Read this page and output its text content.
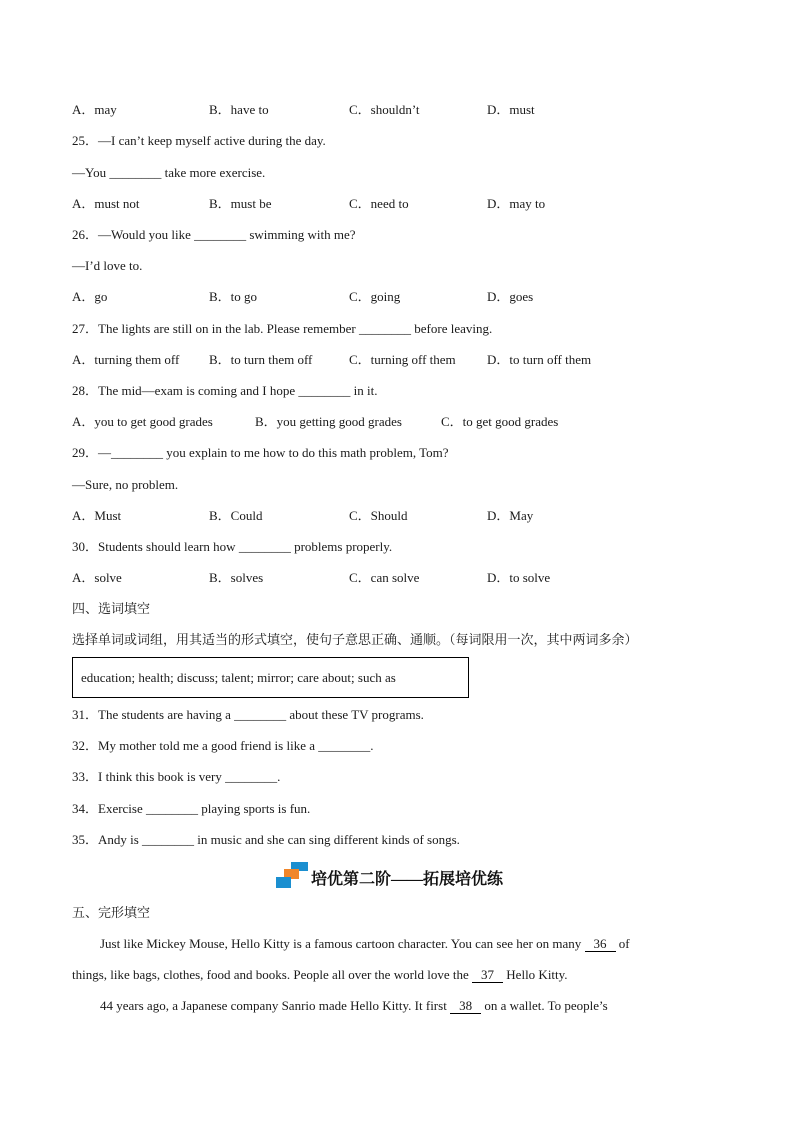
A．may	B．have to	C．shouldn’t	D．must
25．—I can’t keep myself active during the day.
—You ________ take more exercise.
A．must not	B．must be	C．need to	D．may to
26．—Would you like ________ swimming with me?
—I’d love to.
A．go	B．to go	C．going	D．goes
27．The lights are still on in the lab. Please remember ________ before leaving.
A．turning them off B．to turn them off	C．turning off them D．to turn off them
28．The mid—exam is coming and I hope ________ in it.
A．you to get good grades	B．you getting good grades	C．to get good grades
29．—________ you explain to me how to do this math problem, Tom?
—Sure, no problem.
A．Must	B．Could	C．Should	D．May
30．Students should learn how ________ problems properly.
A．solve	B．solves	C．can solve	D．to solve
四、选词填空
选择单词或词组，用其适当的形式填空，使句子意思正确、通顺。（每词限用一次，其中两词多余）
education; health; discuss; talent; mirror; care about; such as
31．The students are having a ________ about these TV programs.
32．My mother told me a good friend is like a ________.
33．I think this book is very ________.
34．Exercise ________ playing sports is fun.
35．Andy is ________ in music and she can sing different kinds of songs.
培优第二阶——拓展培优练
五、完形填空
Just like Mickey Mouse, Hello Kitty is a famous cartoon character. You can see her on many 36 of
things, like bags, clothes, food and books. People all over the world love the 37 Hello Kitty.
44 years ago, a Japanese company Sanrio made Hello Kitty. It first 38 on a wallet. To people’s
